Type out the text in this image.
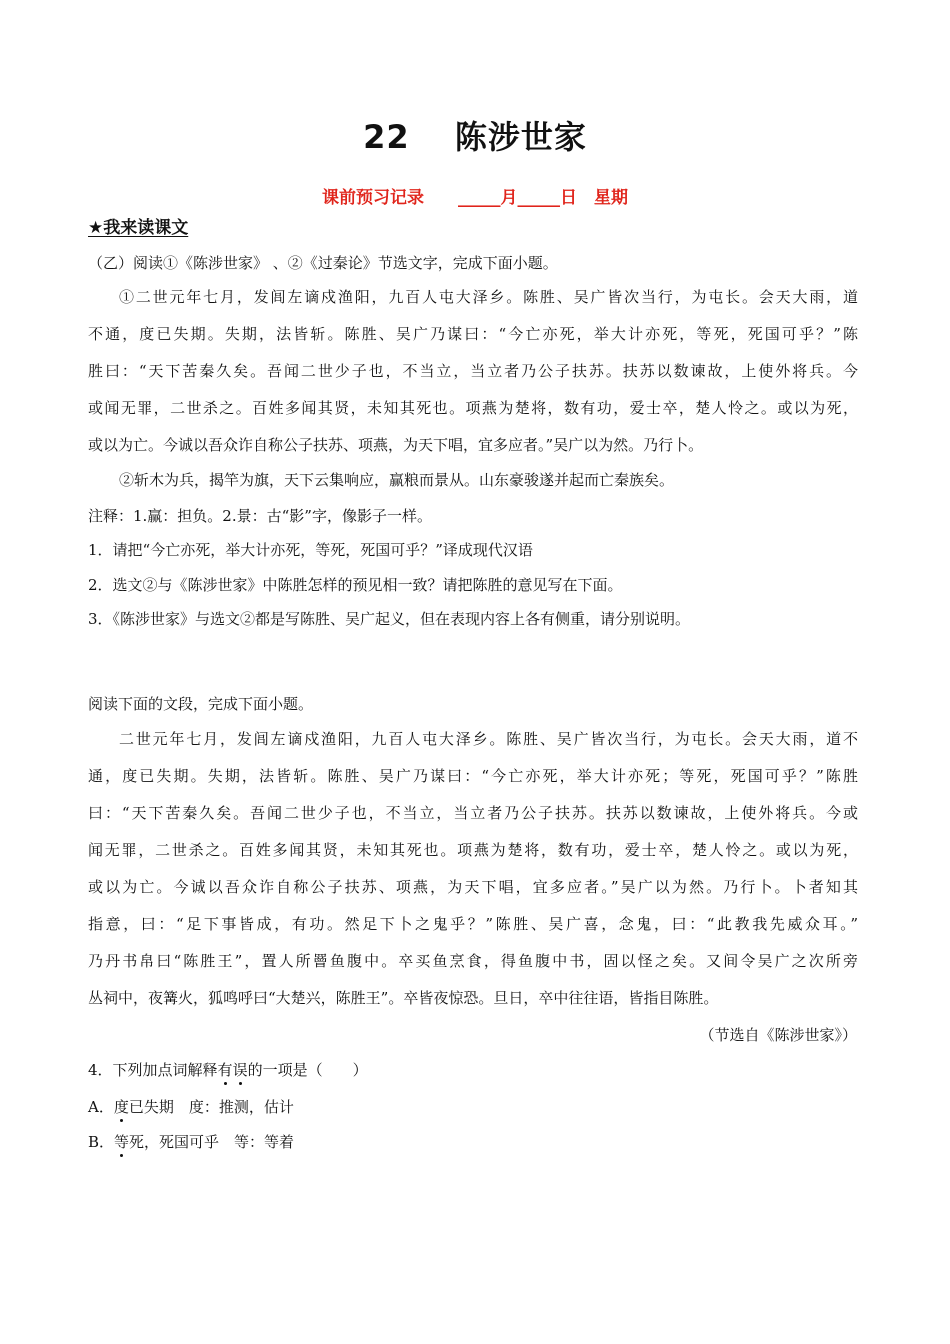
22　 陈涉世家
课前预习记录　　_____月_____日　星期
★我来读课文
（乙）阅读①《陈涉世家》 、②《过秦论》节选文字，完成下面小题。
①二世元年七月，发闾左谪戍渔阳，九百人屯大泽乡。陈胜、吴广皆次当行，为屯长。会天大雨，道
不通，度已失期。失期，法皆斩。陈胜、吴广乃谋曰：“今亡亦死，举大计亦死，等死，死国可乎？”陈
胜曰：“天下苦秦久矣。吾闻二世少子也，不当立，当立者乃公子扶苏。扶苏以数谏故，上使外将兵。今
或闻无罪，二世杀之。百姓多闻其贤，未知其死也。项燕为楚将，数有功，爱士卒，楚人怜之。或以为死，
或以为亡。今诚以吾众诈自称公子扶苏、项燕，为天下唱，宜多应者。”吴广以为然。乃行卜。
②斩木为兵，揭竿为旗，天下云集响应，赢粮而景从。山东豪骏遂并起而亡秦族矣。
注释：1.赢：担负。2.景：古“影”字，像影子一样。
1．请把“今亡亦死，举大计亦死，等死，死国可乎？”译成现代汉语
2．选文②与《陈涉世家》中陈胜怎样的预见相一致？请把陈胜的意见写在下面。
3．《陈涉世家》与选文②都是写陈胜、吴广起义，但在表现内容上各有侧重，请分别说明。
阅读下面的文段，完成下面小题。
二世元年七月，发闾左谪戍渔阳，九百人屯大泽乡。陈胜、吴广皆次当行，为屯长。会天大雨，道不
通，度已失期。失期，法皆斩。陈胜、吴广乃谋曰：“今亡亦死，举大计亦死；等死，死国可乎？”陈胜
曰：“天下苦秦久矣。吾闻二世少子也，不当立，当立者乃公子扶苏。扶苏以数谏故，上使外将兵。今或
闻无罪，二世杀之。百姓多闻其贤，未知其死也。项燕为楚将，数有功，爱士卒，楚人怜之。或以为死，
或以为亡。今诚以吾众诈自称公子扶苏、项燕，为天下唱，宜多应者。”吴广以为然。乃行卜。卜者知其
指意，曰：“足下事皆成，有功。然足下卜之鬼乎？”陈胜、吴广喜，念鬼，曰：“此教我先威众耳。”
乃丹书帛曰“陈胜王”，置人所罾鱼腹中。卒买鱼烹食，得鱼腹中书，固以怪之矣。又间令吴广之次所旁
丛祠中，夜篝火，狐鸣呼曰“大楚兴，陈胜王”。卒皆夜惊恐。旦日，卒中往往语，皆指目陈胜。
（节选自《陈涉世家》）
4．下列加点词解释有误的一项是（　　）
A．度已失期　度：推测，估计
B．等死，死国可乎　等：等着
